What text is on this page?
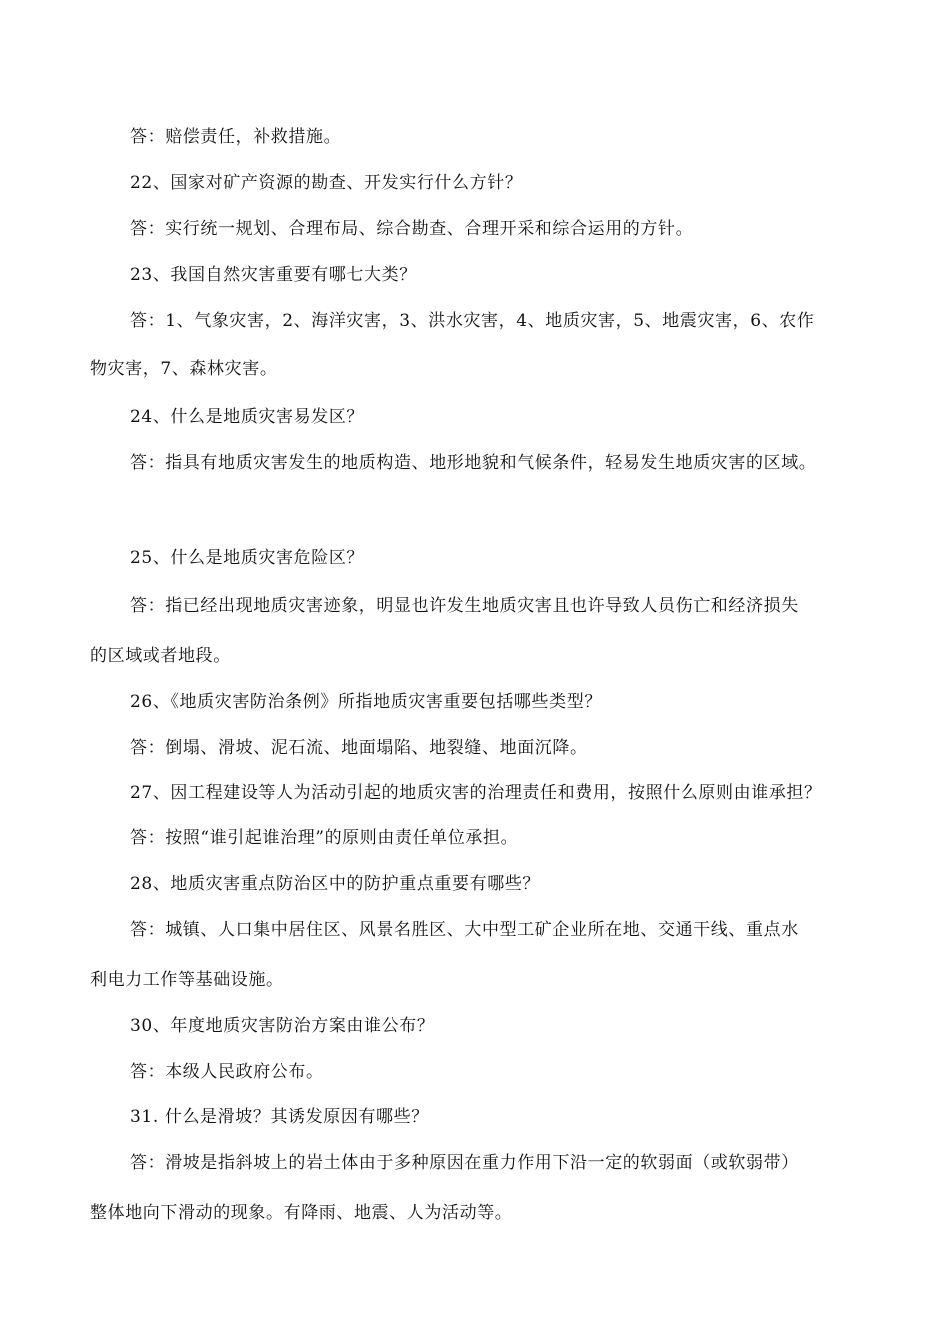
答：赔偿责任，补救措施。
22、国家对矿产资源的勘查、开发实行什么方针？
答：实行统一规划、合理布局、综合勘查、合理开采和综合运用的方针。
23、我国自然灾害重要有哪七大类？
答：1、气象灾害，2、海洋灾害，3、洪水灾害，4、地质灾害，5、地震灾害，6、农作
物灾害，7、森林灾害。
24、什么是地质灾害易发区？
答：指具有地质灾害发生的地质构造、地形地貌和气候条件，轻易发生地质灾害的区域。
25、什么是地质灾害危险区？
答：指已经出现地质灾害迹象，明显也许发生地质灾害且也许导致人员伤亡和经济损失
的区域或者地段。
26、《地质灾害防治条例》所指地质灾害重要包括哪些类型？
答：倒塌、滑坡、泥石流、地面塌陷、地裂缝、地面沉降。
27、因工程建设等人为活动引起的地质灾害的治理责任和费用，按照什么原则由谁承担？
答：按照“谁引起谁治理”的原则由责任单位承担。
28、地质灾害重点防治区中的防护重点重要有哪些？
答：城镇、人口集中居住区、风景名胜区、大中型工矿企业所在地、交通干线、重点水
利电力工作等基础设施。
30、年度地质灾害防治方案由谁公布？
答：本级人民政府公布。
31. 什么是滑坡？其诱发原因有哪些？
答：滑坡是指斜坡上的岩土体由于多种原因在重力作用下沿一定的软弱面（或软弱带）
整体地向下滑动的现象。有降雨、地震、人为活动等。
